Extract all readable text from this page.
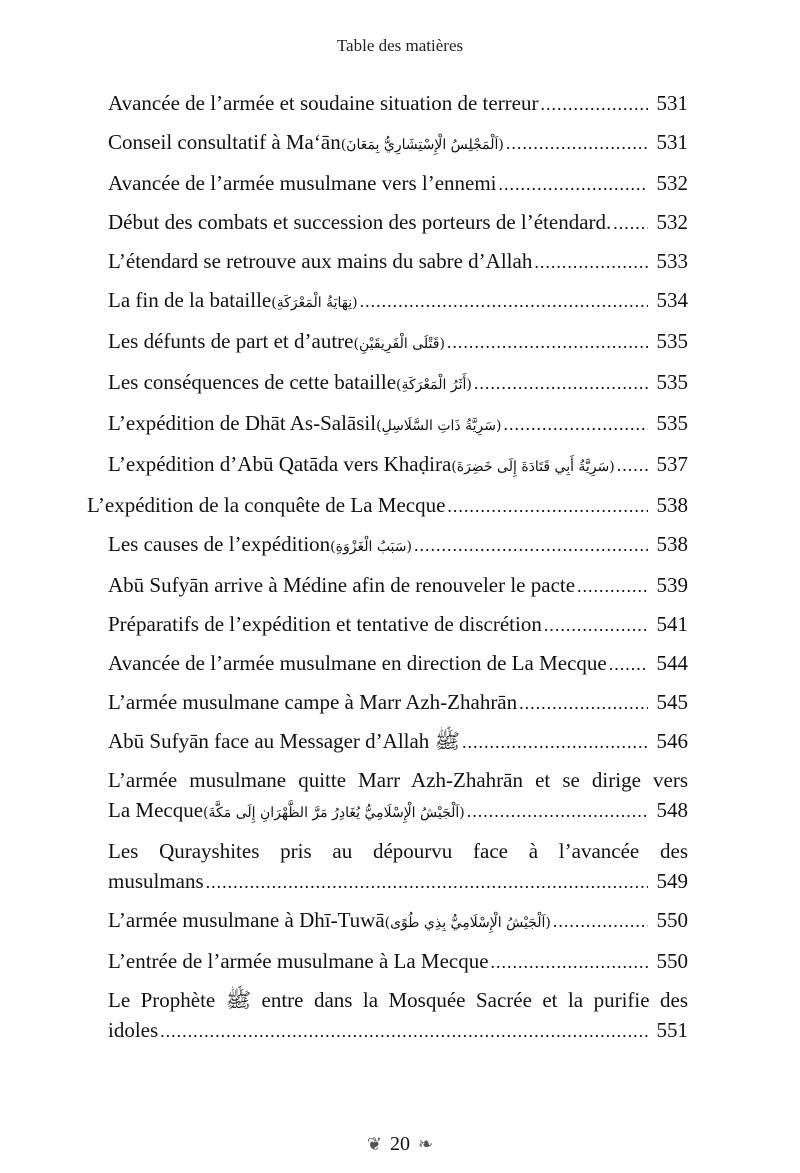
Table des matières
Avancée de l’armée et soudaine situation de terreur .....	531
Conseil consultatif à Ma‘ān (اَلْمَجْلِسُ الْإِسْتِشَارِيُّ بِمَعَانَ) .....	531
Avancée de l’armée musulmane vers l’ennemi .....	532
Début des combats et succession des porteurs de l’étendard. .....	532
L’étendard se retrouve aux mains du sabre d’Allah .....	533
La fin de la bataille (نِهَايَةُ الْمَعْرَكَةِ) .....	534
Les défunts de part et d’autre (قَتْلَى الْفَرِيقَيْنِ) .....	535
Les conséquences de cette bataille (أَثَرُ الْمَعْرَكَةِ) .....	535
L’expédition de Dhāt As-Salāsil (سَرِيَّةُ ذَاتِ السَّلَاسِلِ) .....	535
L’expédition d’Abū Qatāda vers Khaḍira (سَرِيَّةُ أَبِي قَتَادَةَ إِلَى خَضِرَةَ) .....	537
L’expédition de la conquête de La Mecque .....	538
Les causes de l’expédition (سَبَبُ الْغَزْوَةِ) .....	538
Abū Sufyān arrive à Médine afin de renouveler le pacte .....	539
Préparatifs de l’expédition et tentative de discrétion .....	541
Avancée de l’armée musulmane en direction de La Mecque .....	544
L’armée musulmane campe à Marr Azh-Zhahrān .....	545
Abū Sufyān face au Messager d’Allah ﷺ .....	546
L’armée musulmane quitte Marr Azh-Zhahrān et se dirige vers
La Mecque (اَلْجَيْشُ الْإِسْلَامِيُّ يُغَادِرُ مَرَّ الظَّهْرَانِ إِلَى مَكَّةَ) .....	548
Les Qurayshites pris au dépourvu face à l’avancée des
musulmans .....	549
L’armée musulmane à Dhī-Tuwā (اَلْجَيْشُ الْإِسْلَامِيُّ بِذِي طُوًى) .....	550
L’entrée de l’armée musulmane à La Mecque .....	550
Le Prophète ﷺ entre dans la Mosquée Sacrée et la purifie des
idoles .....	551
❦ 20 ❧
